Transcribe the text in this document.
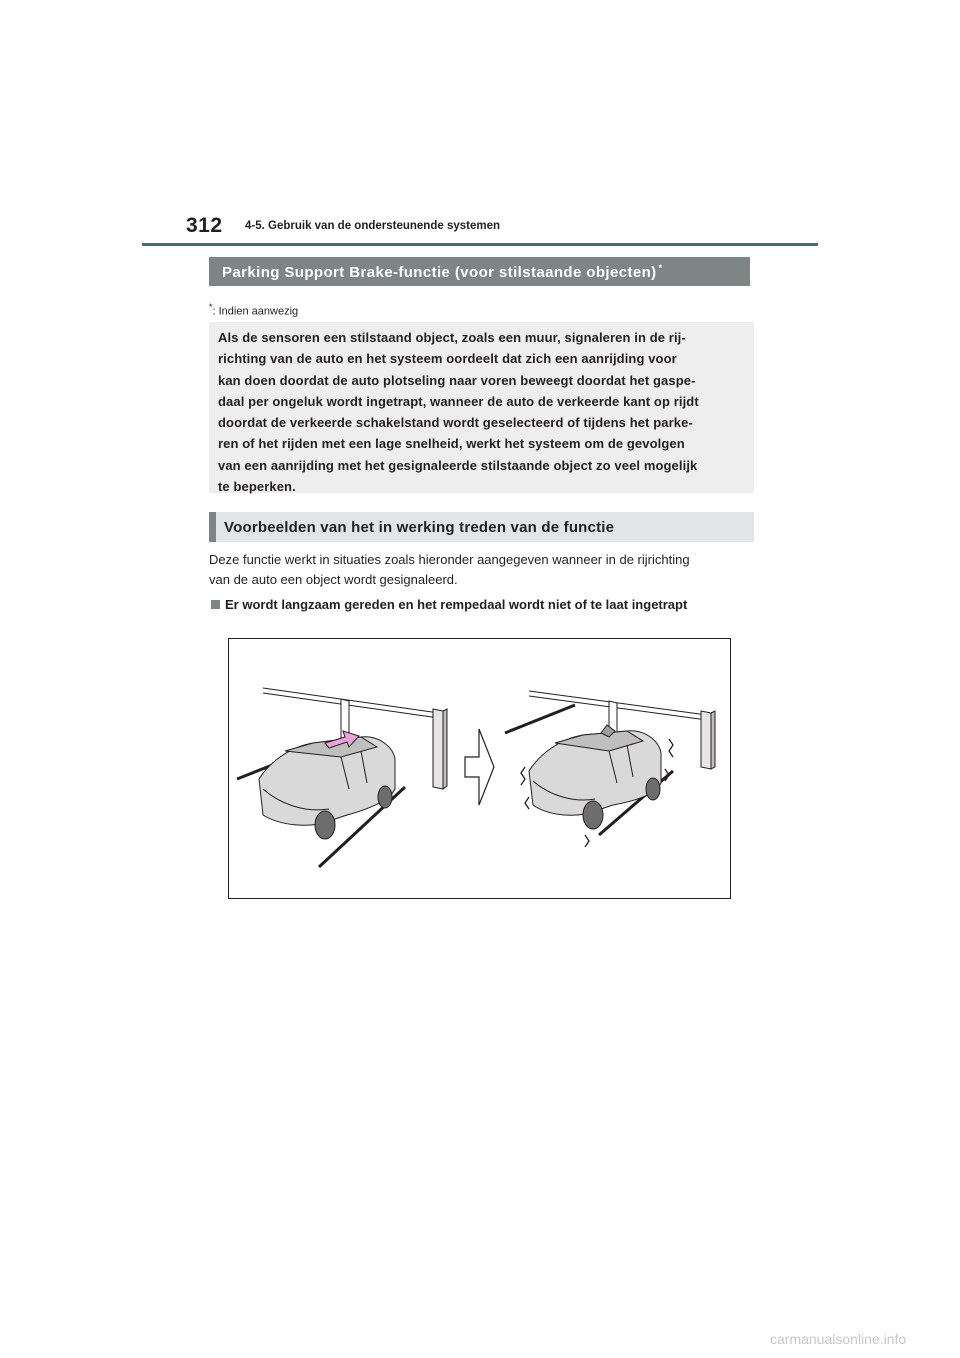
312 4-5. Gebruik van de ondersteunende systemen
Parking Support Brake-functie (voor stilstaande objecten) *
*: Indien aanwezig
Als de sensoren een stilstaand object, zoals een muur, signaleren in de rij-
richting van de auto en het systeem oordeelt dat zich een aanrijding voor
kan doen doordat de auto plotseling naar voren beweegt doordat het gaspe-
daal per ongeluk wordt ingetrapt, wanneer de auto de verkeerde kant op rijdt
doordat de verkeerde schakelstand wordt geselecteerd of tijdens het parke-
ren of het rijden met een lage snelheid, werkt het systeem om de gevolgen
van een aanrijding met het gesignaleerde stilstaande object zo veel mogelijk
te beperken.
Voorbeelden van het in werking treden van de functie
Deze functie werkt in situaties zoals hieronder aangegeven wanneer in de rijrichting
van de auto een object wordt gesignaleerd.
Er wordt langzaam gereden en het rempedaal wordt niet of te laat ingetrapt
carmanualsonline.info
